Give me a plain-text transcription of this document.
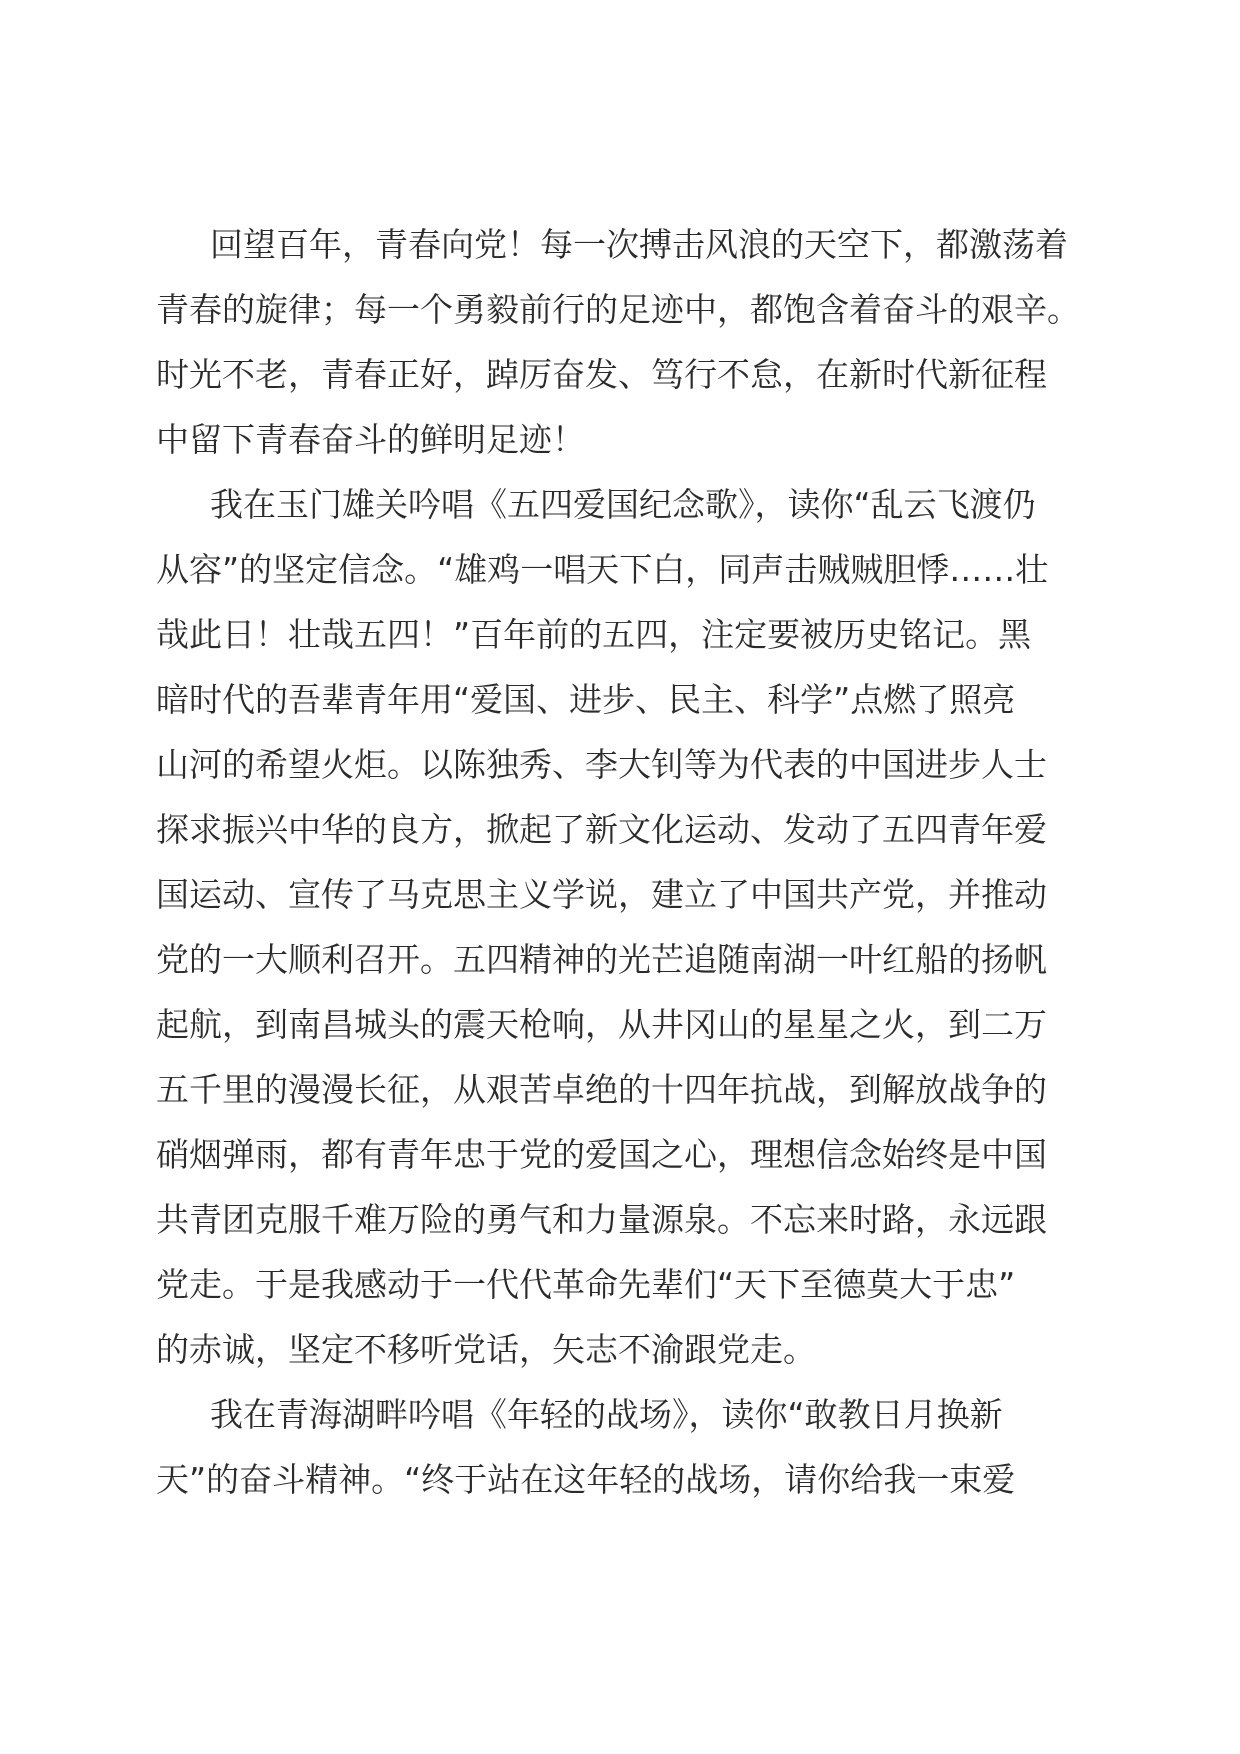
回望百年，青春向党！每一次搏击风浪的天空下，都激荡着
青春的旋律；每一个勇毅前行的足迹中，都饱含着奋斗的艰辛。
时光不老，青春正好，踔厉奋发、笃行不怠，在新时代新征程
中留下青春奋斗的鲜明足迹！
我在玉门雄关吟唱《五四爱国纪念歌》，读你“乱云飞渡仍
从容”的坚定信念。“雄鸡一唱天下白，同声击贼贼胆悸……壮
哉此日！壮哉五四！”百年前的五四，注定要被历史铭记。黑
暗时代的吾辈青年用“爱国、进步、民主、科学”点燃了照亮
山河的希望火炬。以陈独秀、李大钊等为代表的中国进步人士
探求振兴中华的良方，掀起了新文化运动、发动了五四青年爱
国运动、宣传了马克思主义学说，建立了中国共产党，并推动
党的一大顺利召开。五四精神的光芒追随南湖一叶红船的扬帆
起航，到南昌城头的震天枪响，从井冈山的星星之火，到二万
五千里的漫漫长征，从艰苦卓绝的十四年抗战，到解放战争的
硝烟弹雨，都有青年忠于党的爱国之心，理想信念始终是中国
共青团克服千难万险的勇气和力量源泉。不忘来时路，永远跟
党走。于是我感动于一代代革命先辈们“天下至德莫大于忠”
的赤诚，坚定不移听党话，矢志不渝跟党走。
我在青海湖畔吟唱《年轻的战场》，读你“敢教日月换新
天”的奋斗精神。“终于站在这年轻的战场，请你给我一束爱
